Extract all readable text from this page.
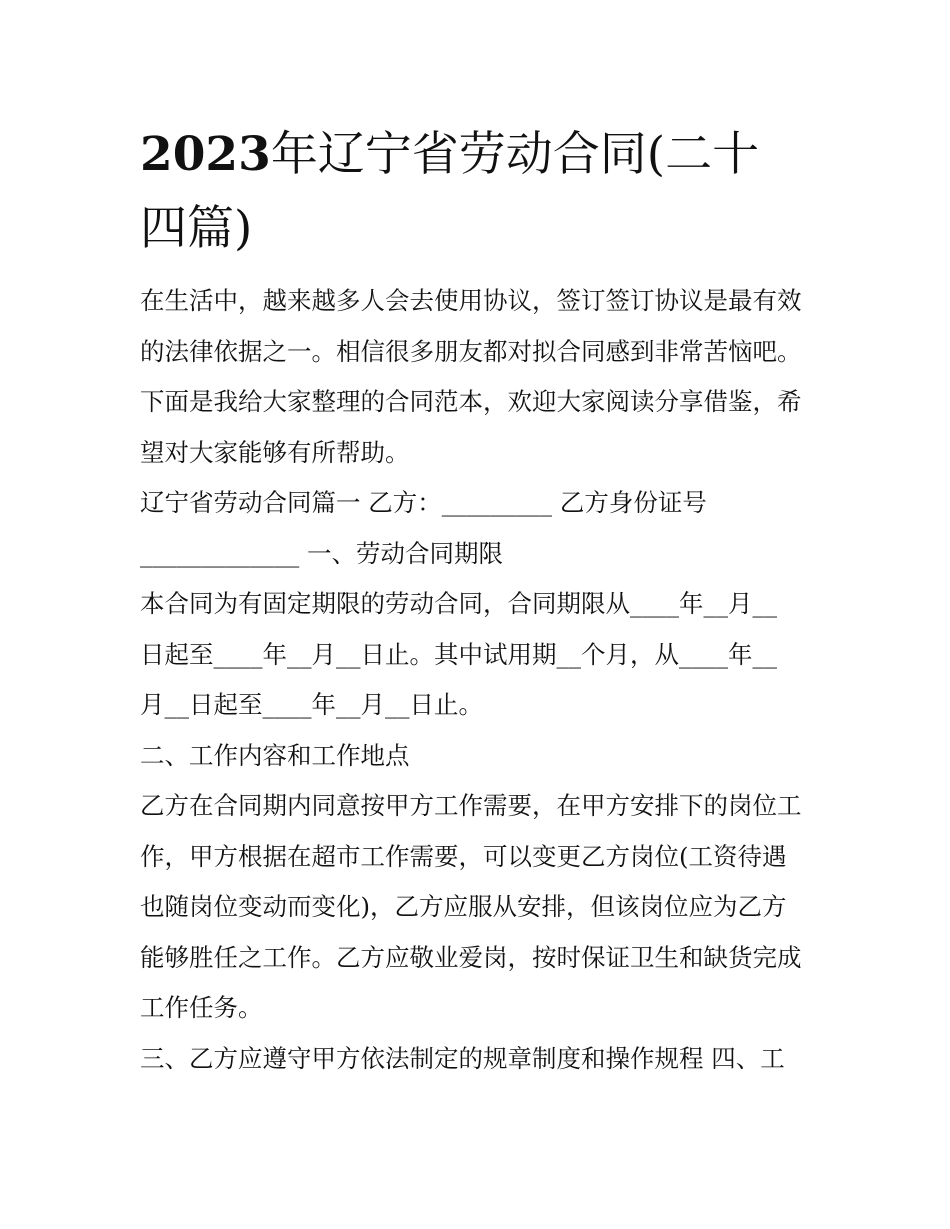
2023年辽宁省劳动合同(二十
四篇)
在生活中，越来越多人会去使用协议，签订签订协议是最有效
的法律依据之一。相信很多朋友都对拟合同感到非常苦恼吧。
下面是我给大家整理的合同范本，欢迎大家阅读分享借鉴，希
望对大家能够有所帮助。
辽宁省劳动合同篇一 乙方：_________ 乙方身份证号
_____________ 一、劳动合同期限
本合同为有固定期限的劳动合同，合同期限从____年__月__
日起至____年__月__日止。其中试用期__个月，从____年__
月__日起至____年__月__日止。
二、工作内容和工作地点
乙方在合同期内同意按甲方工作需要，在甲方安排下的岗位工
作，甲方根据在超市工作需要，可以变更乙方岗位(工资待遇
也随岗位变动而变化)，乙方应服从安排，但该岗位应为乙方
能够胜任之工作。乙方应敬业爱岗，按时保证卫生和缺货完成
工作任务。
三、乙方应遵守甲方依法制定的规章制度和操作规程 四、工
